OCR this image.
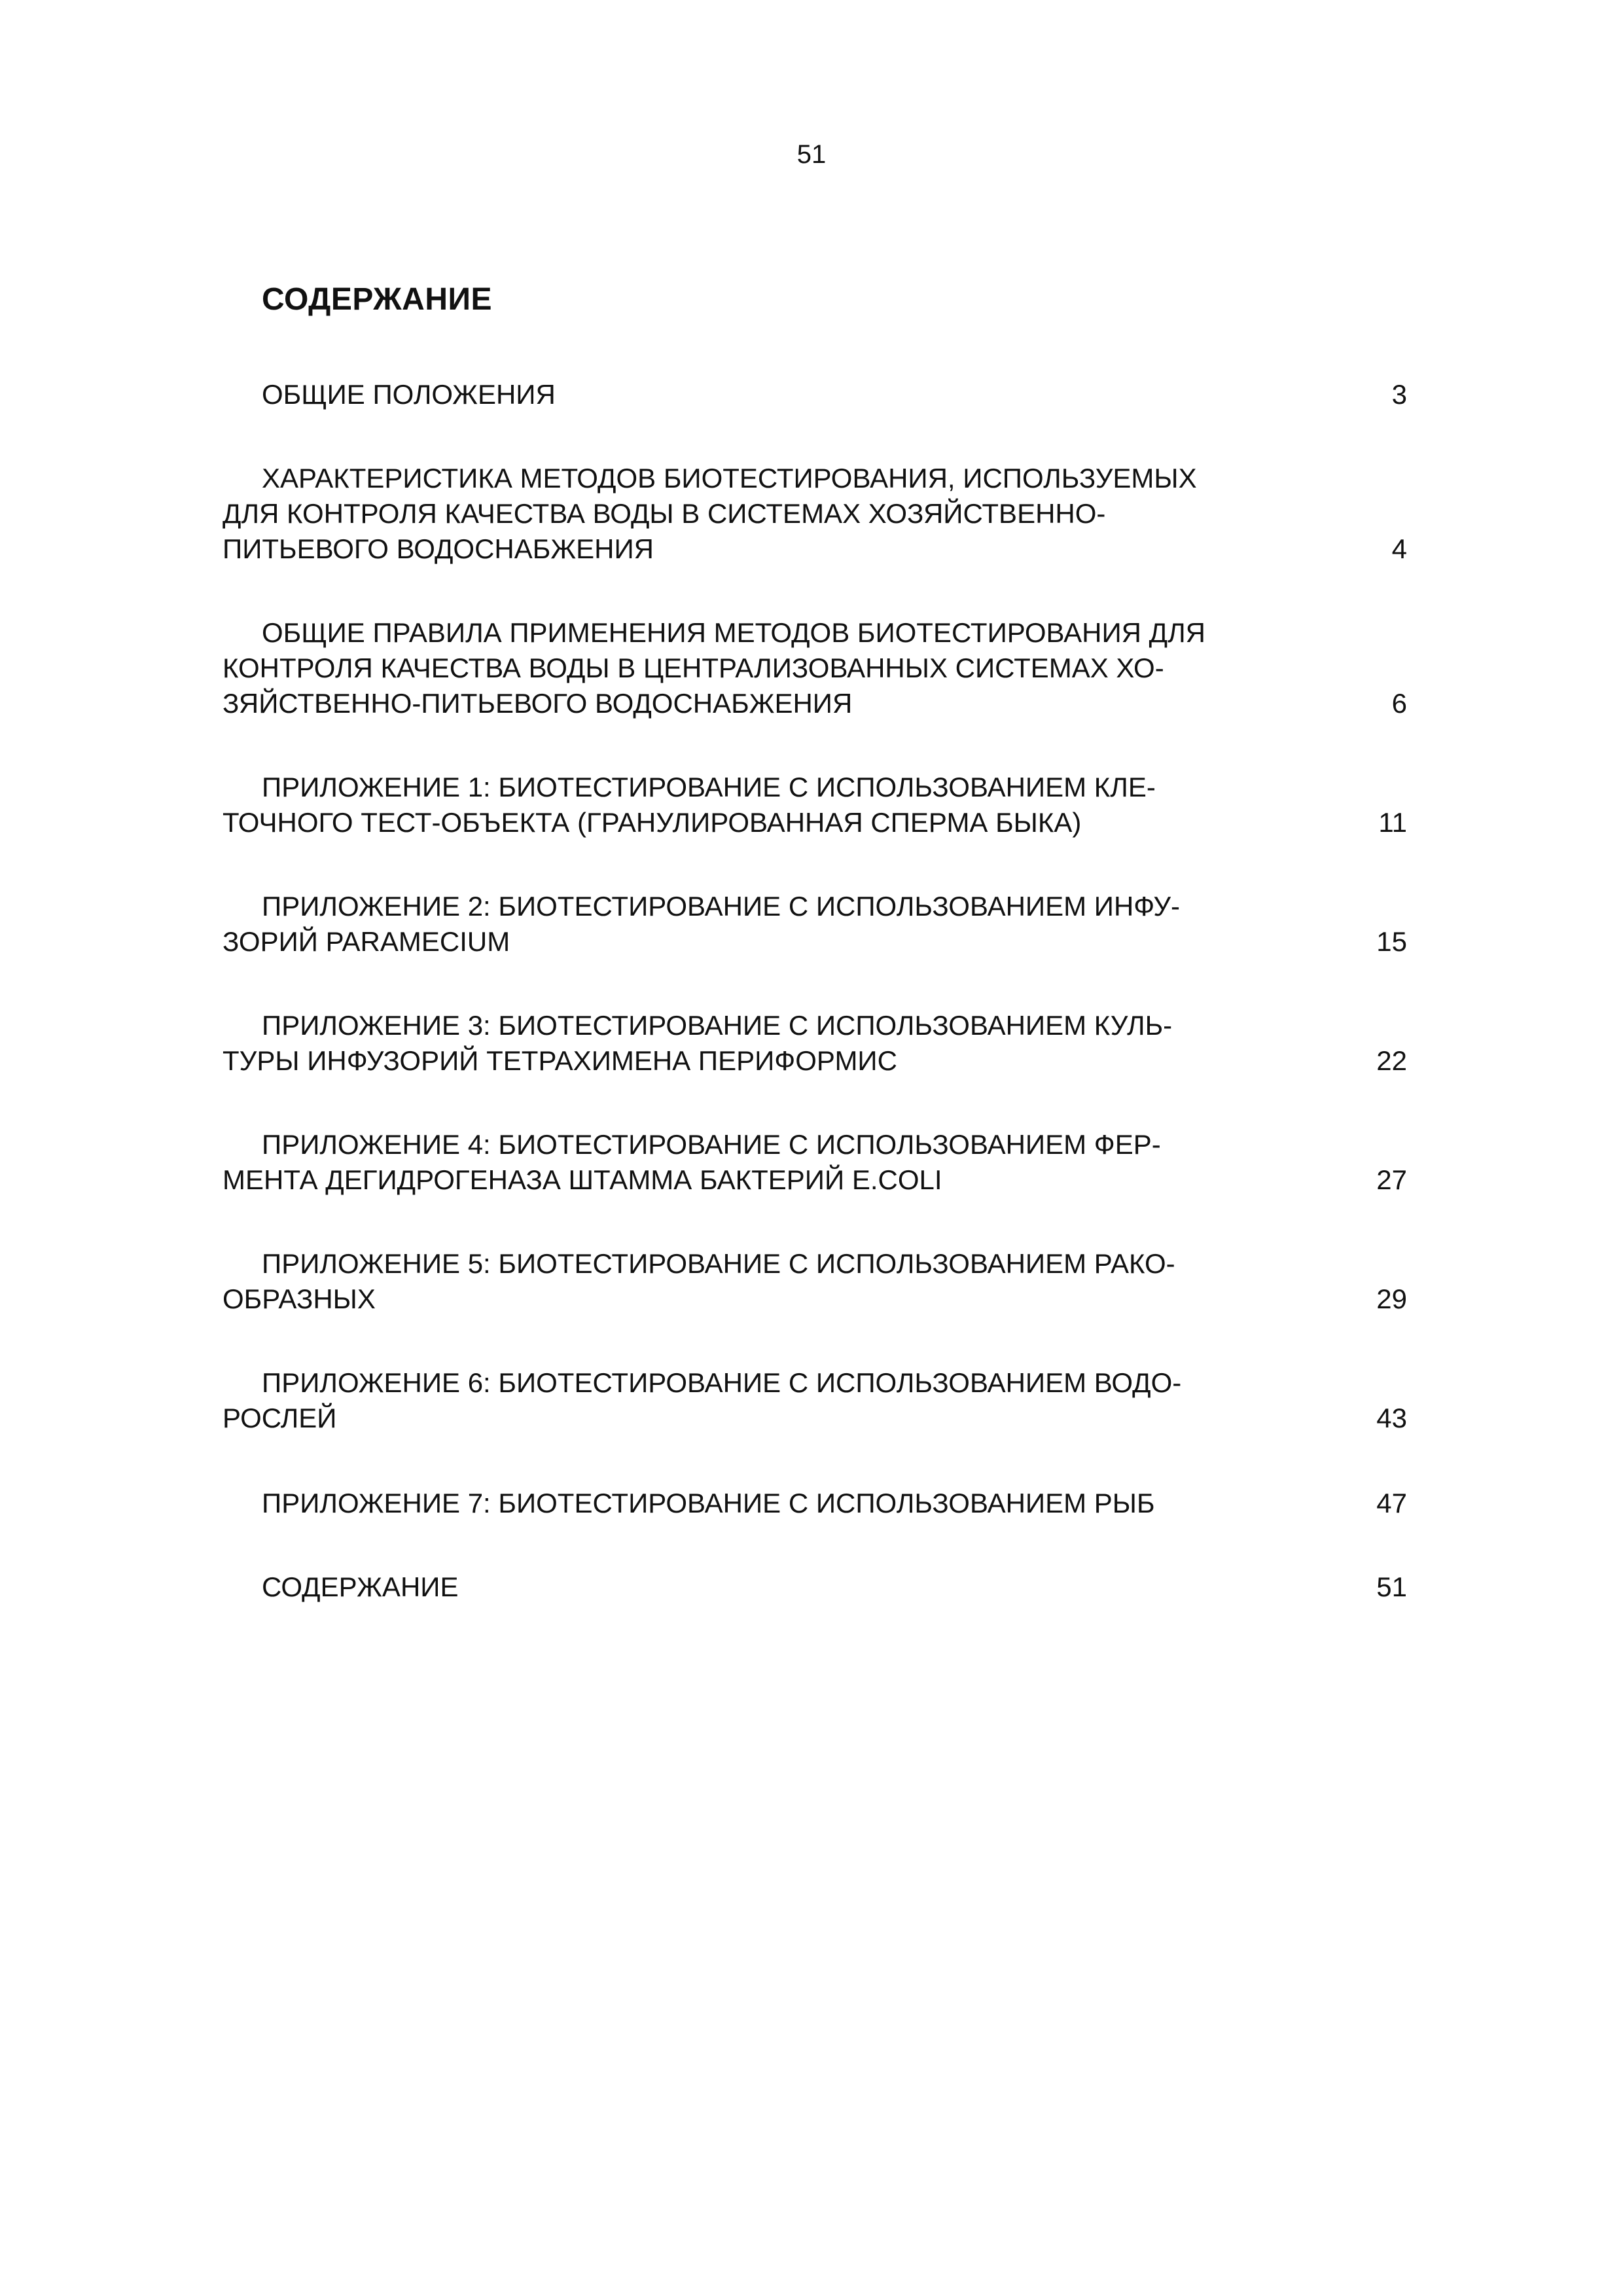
51
СОДЕРЖАНИЕ
ОБЩИЕ ПОЛОЖЕНИЯ	3
ХАРАКТЕРИСТИКА МЕТОДОВ БИОТЕСТИРОВАНИЯ, ИСПОЛЬЗУЕМЫХ
ДЛЯ КОНТРОЛЯ КАЧЕСТВА ВОДЫ В СИСТЕМАХ ХОЗЯЙСТВЕННО-
ПИТЬЕВОГО ВОДОСНАБЖЕНИЯ	4
ОБЩИЕ ПРАВИЛА ПРИМЕНЕНИЯ МЕТОДОВ БИОТЕСТИРОВАНИЯ ДЛЯ
КОНТРОЛЯ КАЧЕСТВА ВОДЫ В ЦЕНТРАЛИЗОВАННЫХ СИСТЕМАХ ХО-
ЗЯЙСТВЕННО-ПИТЬЕВОГО ВОДОСНАБЖЕНИЯ	6
ПРИЛОЖЕНИЕ 1: БИОТЕСТИРОВАНИЕ С ИСПОЛЬЗОВАНИЕМ КЛЕ-
ТОЧНОГО ТЕСТ-ОБЪЕКТА (ГРАНУЛИРОВАННАЯ СПЕРМА БЫКА)	11
ПРИЛОЖЕНИЕ 2: БИОТЕСТИРОВАНИЕ С ИСПОЛЬЗОВАНИЕМ ИНФУ-
ЗОРИЙ PARAMECIUM	15
ПРИЛОЖЕНИЕ 3: БИОТЕСТИРОВАНИЕ С ИСПОЛЬЗОВАНИЕМ КУЛЬ-
ТУРЫ ИНФУЗОРИЙ ТЕТРАХИМЕНА ПЕРИФОРМИС	22
ПРИЛОЖЕНИЕ 4: БИОТЕСТИРОВАНИЕ С ИСПОЛЬЗОВАНИЕМ ФЕР-
МЕНТА ДЕГИДРОГЕНАЗА ШТАММА БАКТЕРИЙ E.COLI	27
ПРИЛОЖЕНИЕ 5: БИОТЕСТИРОВАНИЕ С ИСПОЛЬЗОВАНИЕМ РАКО-
ОБРАЗНЫХ	29
ПРИЛОЖЕНИЕ 6: БИОТЕСТИРОВАНИЕ С ИСПОЛЬЗОВАНИЕМ ВОДО-
РОСЛЕЙ	43
ПРИЛОЖЕНИЕ 7: БИОТЕСТИРОВАНИЕ С ИСПОЛЬЗОВАНИЕМ РЫБ	47
СОДЕРЖАНИЕ	51
